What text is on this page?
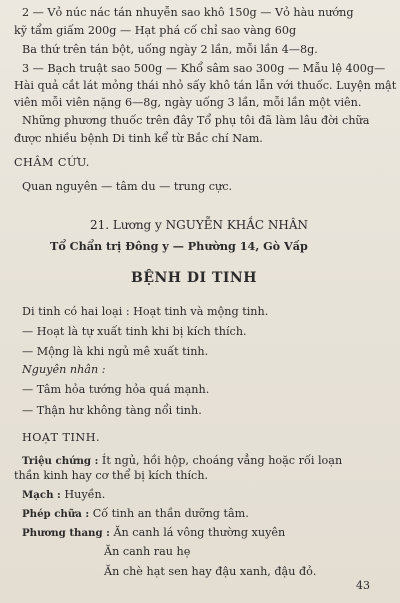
2 — Vỏ núc nác tán nhuyễn sao khô 150g — Vỏ hàu nướng
kỹ tẩm giấm 200g — Hạt phá cố chỉ sao vàng 60g
Ba thứ trên tán bột, uống ngày 2 lần, mỗi lần 4—8g.
3 — Bạch truật sao 500g — Khổ sâm sao 300g — Mẫu lệ 400g—
Hài quả cắt lát mỏng thái nhỏ sấy khô tán lẫn với thuốc. Luyện mật
viên mỗi viên nặng 6—8g, ngày uống 3 lần, mỗi lần một viên.
Những phương thuốc trên đây Tổ phụ tôi đã làm lâu đời chữa
được nhiều bệnh Di tinh kể từ Bắc chí Nam.
CHÂM CỨU.
Quan nguyên — tâm du — trung cực.
21. Lương y NGUYỄN KHẮC NHÂN
Tổ Chẩn trị Đông y — Phường 14, Gò Vấp
BỆNH DI TINH
Di tinh có hai loại : Hoạt tinh và mộng tinh.
— Hoạt là tự xuất tinh khi bị kích thích.
— Mộng là khi ngủ mê xuất tinh.
Nguyên nhân :
— Tâm hỏa tướng hỏa quá mạnh.
— Thận hư không tàng nổi tinh.
HOẠT TINH.
Triệu chứng : Ít ngủ, hồi hộp, choáng vẳng hoặc rối loạn
thần kinh hay cơ thể bị kích thích.
Mạch : Huyền.
Phép chữa : Cố tinh an thần dưỡng tâm.
Phương thang : Ăn canh lá vông thường xuyên
Ăn canh rau hẹ
Ăn chè hạt sen hay đậu xanh, đậu đỏ.
43
